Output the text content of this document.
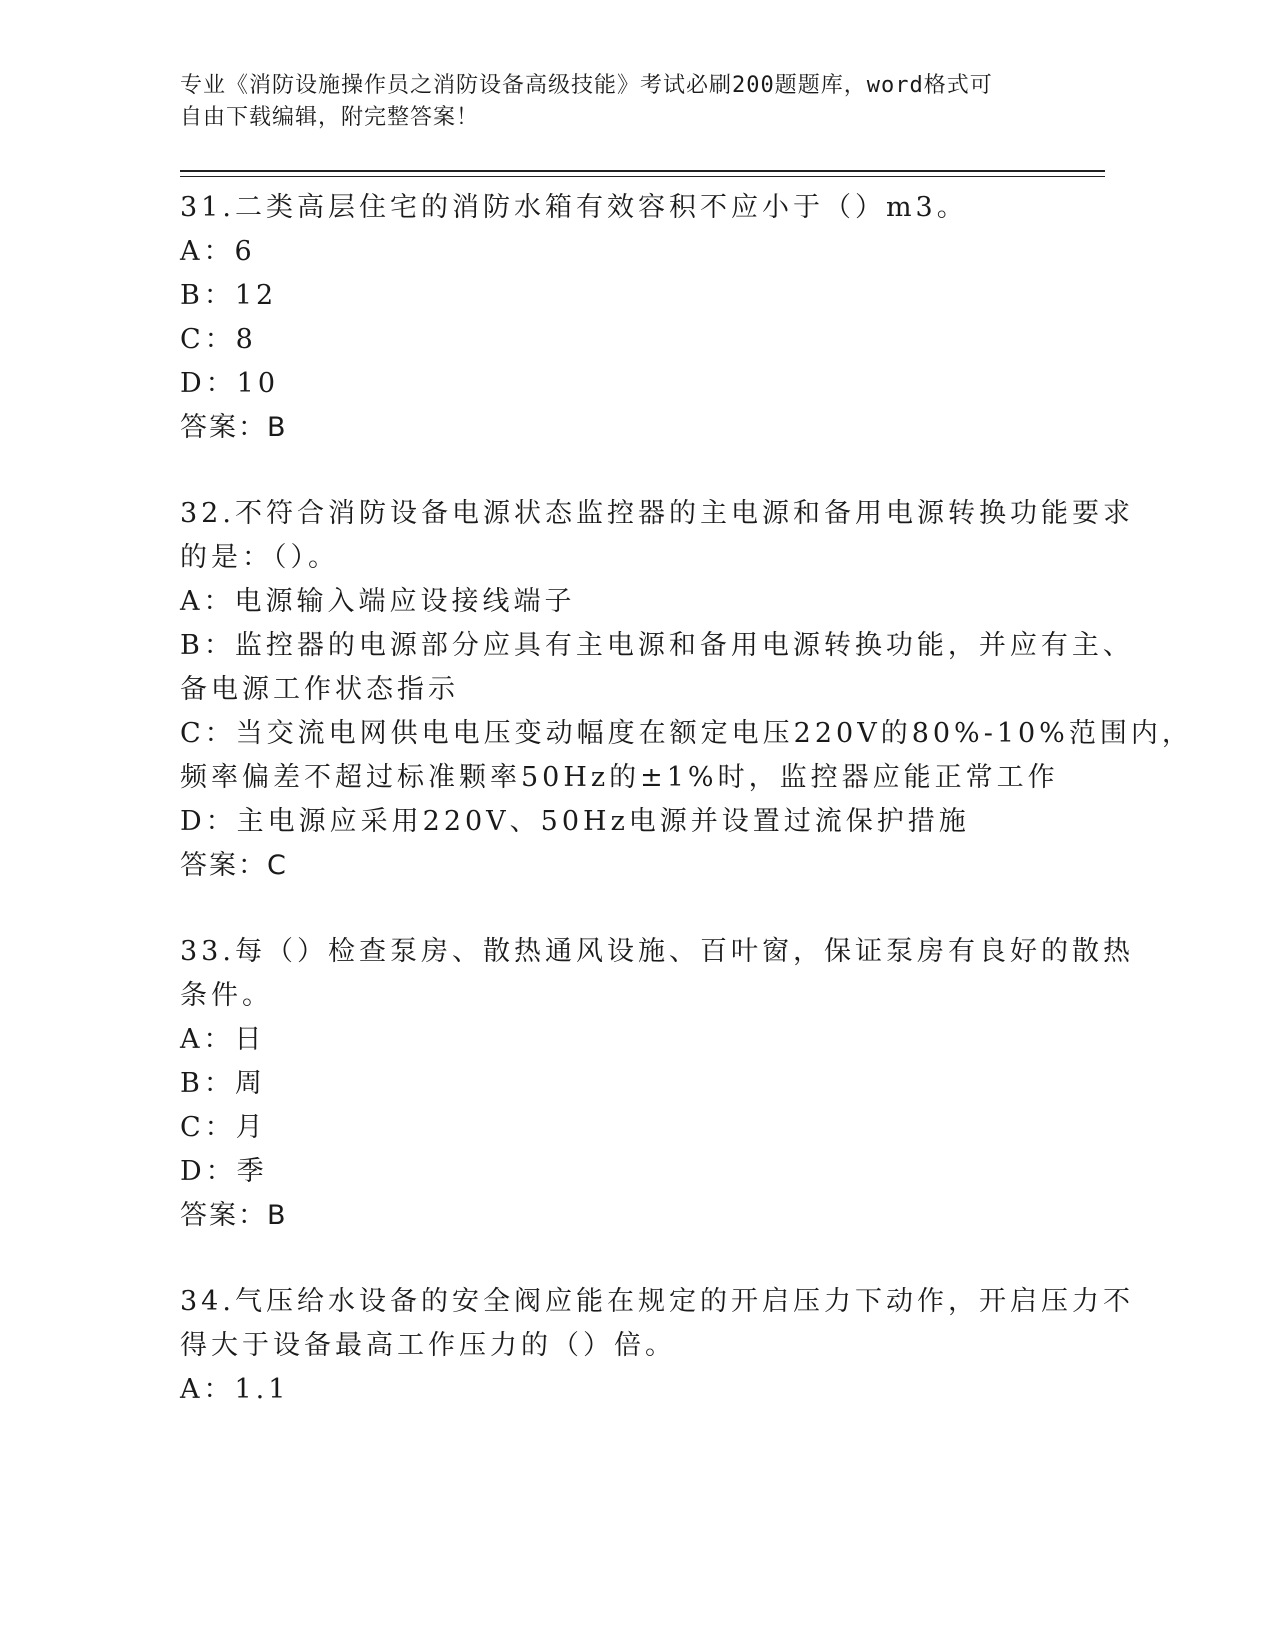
专业《消防设施操作员之消防设备高级技能》考试必刷200题题库，word格式可
自由下载编辑，附完整答案！
31.二类高层住宅的消防水箱有效容积不应小于（）m3。
A：6
B：12
C：8
D：10
答案：B
32.不符合消防设备电源状态监控器的主电源和备用电源转换功能要求
的是：（）。
A：电源输入端应设接线端子
B：监控器的电源部分应具有主电源和备用电源转换功能，并应有主、
备电源工作状态指示
C：当交流电网供电电压变动幅度在额定电压220V的80%-10%范围内，
频率偏差不超过标准颗率50Hz的±1%时，监控器应能正常工作
D：主电源应采用220V、50Hz电源并设置过流保护措施
答案：C
33.每（）检查泵房、散热通风设施、百叶窗，保证泵房有良好的散热
条件。
A：日
B：周
C：月
D：季
答案：B
34.气压给水设备的安全阀应能在规定的开启压力下动作，开启压力不
得大于设备最高工作压力的（）倍。
A：1.1
